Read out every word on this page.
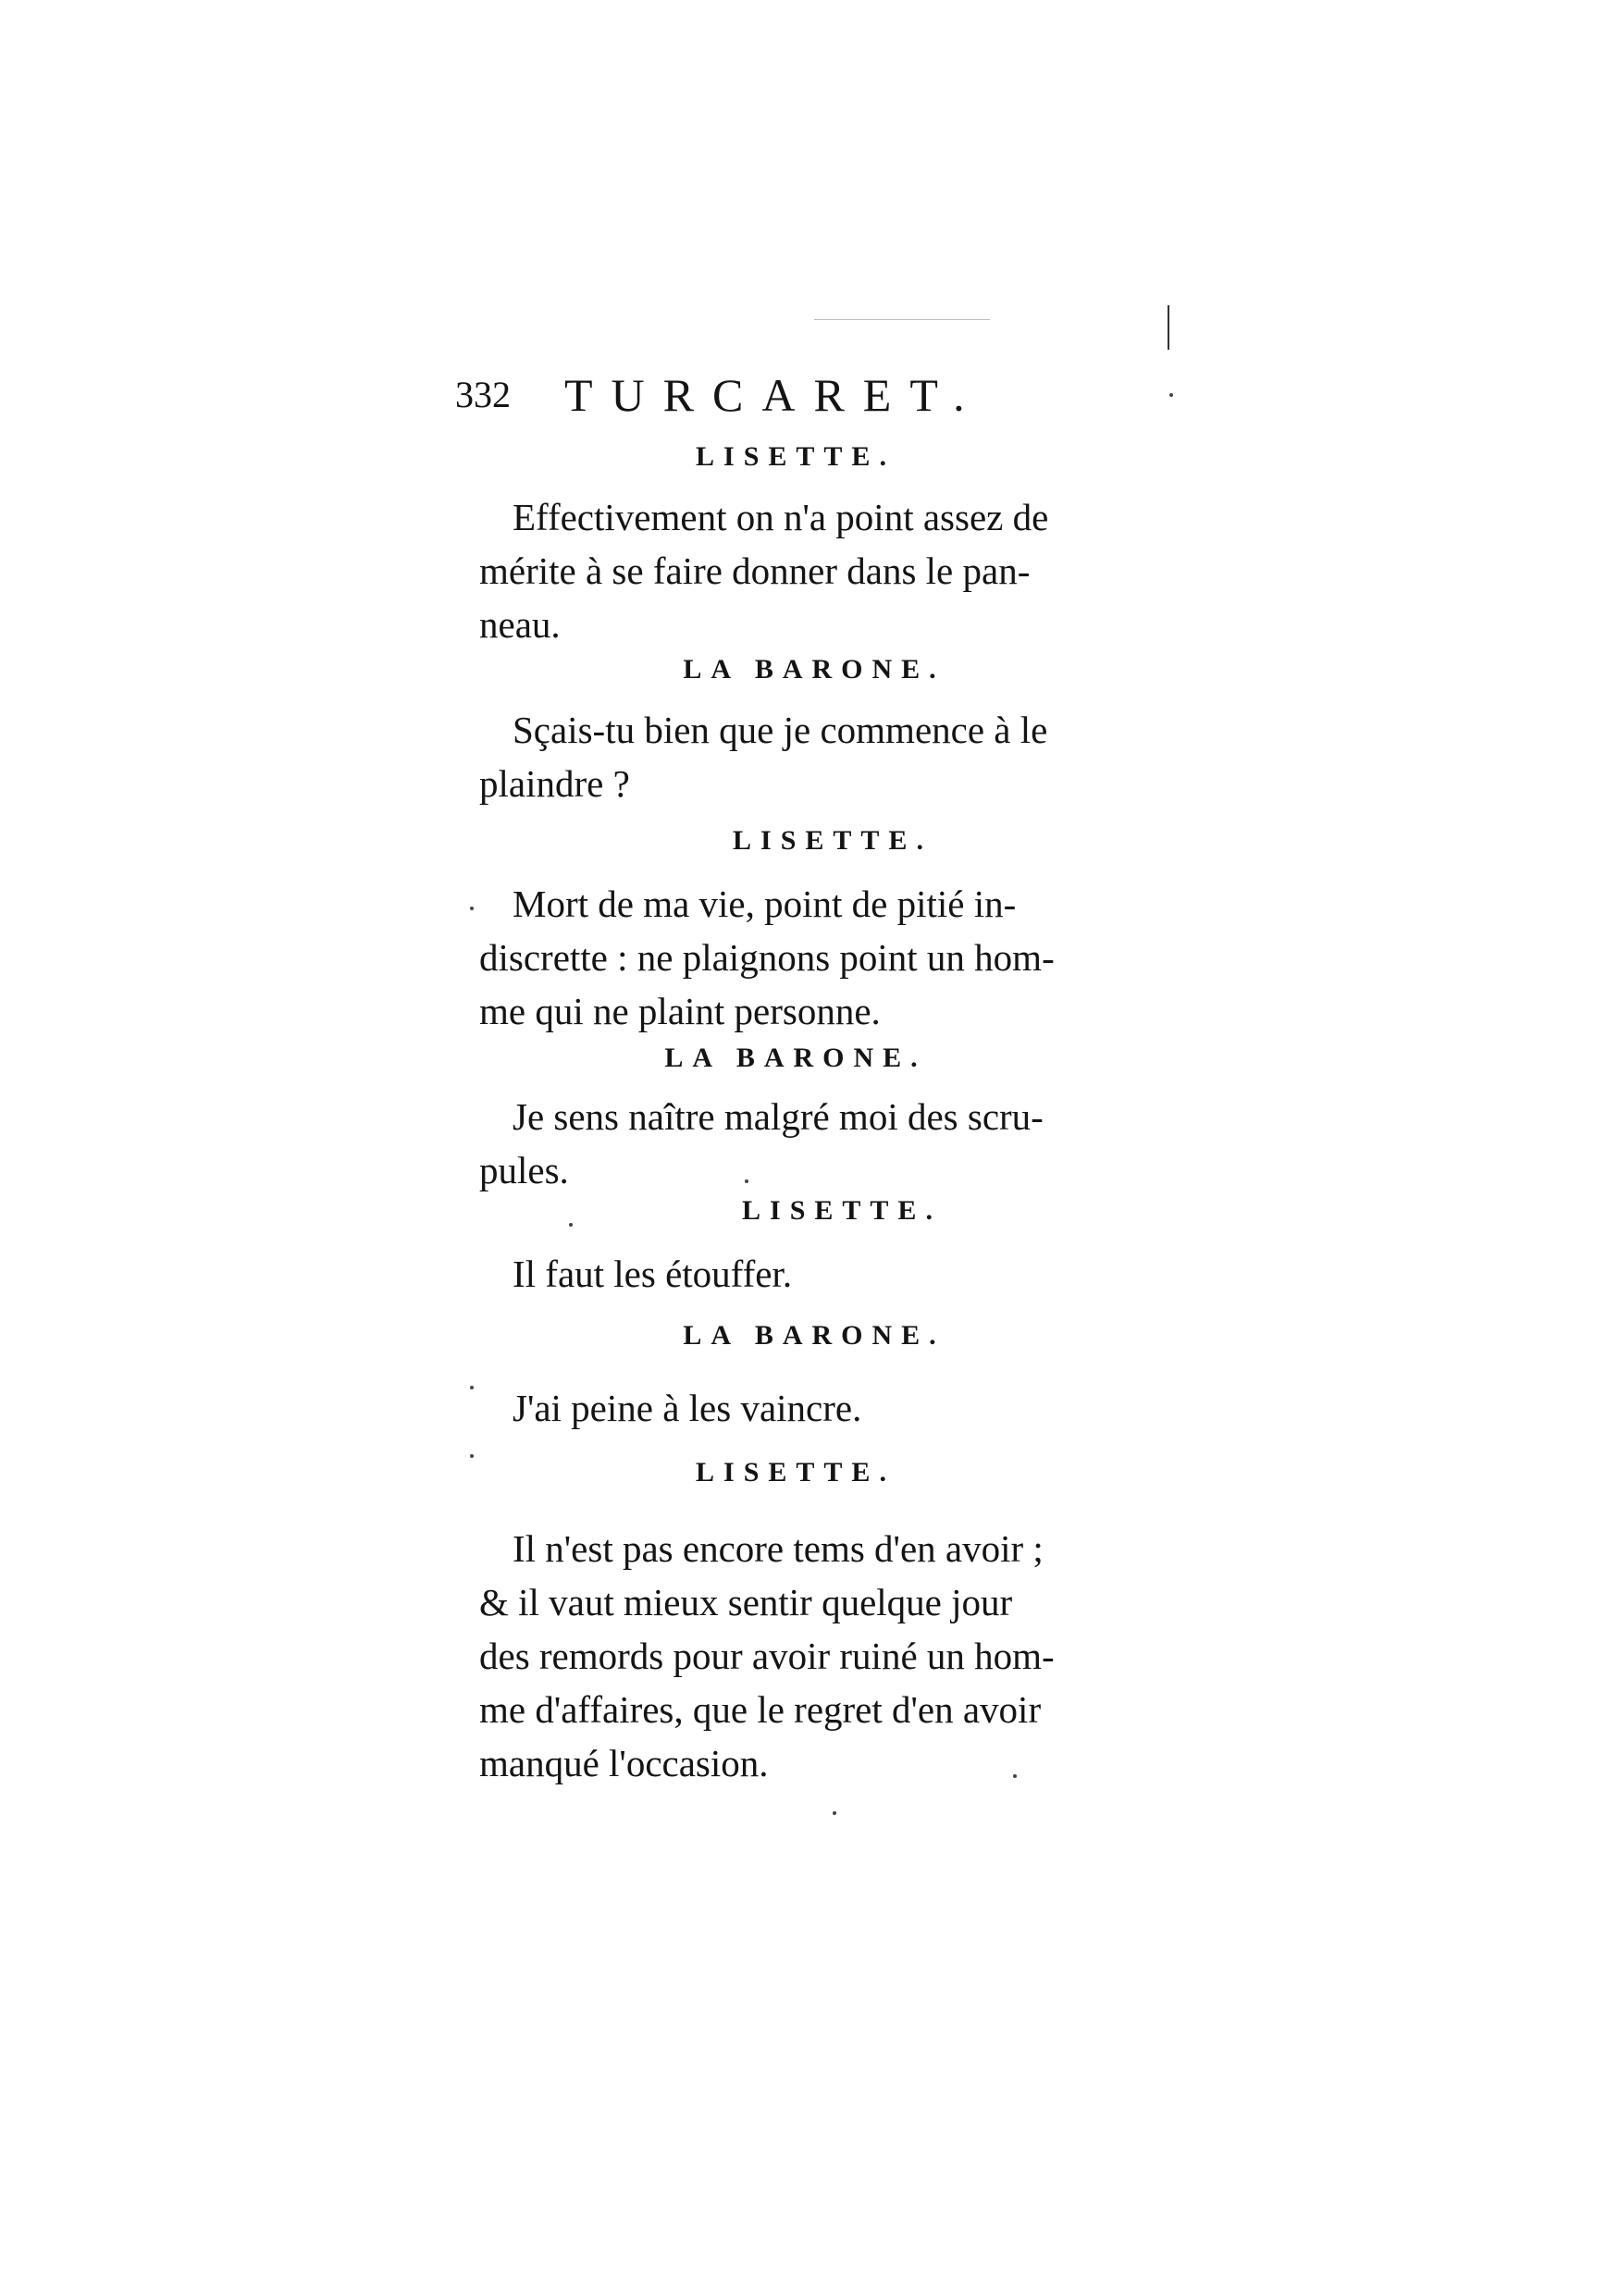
332 TURCARET.
LISETTE.
Effectivement on n'a point assez de
mérite à se faire donner dans le pan-
neau.
LA BARONE.
Sçais-tu bien que je commence à le
plaindre ?
LISETTE.
Mort de ma vie, point de pitié in-
discrette : ne plaignons point un hom-
me qui ne plaint personne.
LA BARONE.
Je sens naître malgré moi des scru-
pules.
LISETTE.
Il faut les étouffer.
LA BARONE.
J'ai peine à les vaincre.
LISETTE.
Il n'est pas encore tems d'en avoir ;
& il vaut mieux sentir quelque jour
des remords pour avoir ruiné un hom-
me d'affaires, que le regret d'en avoir
manqué l'occasion.
